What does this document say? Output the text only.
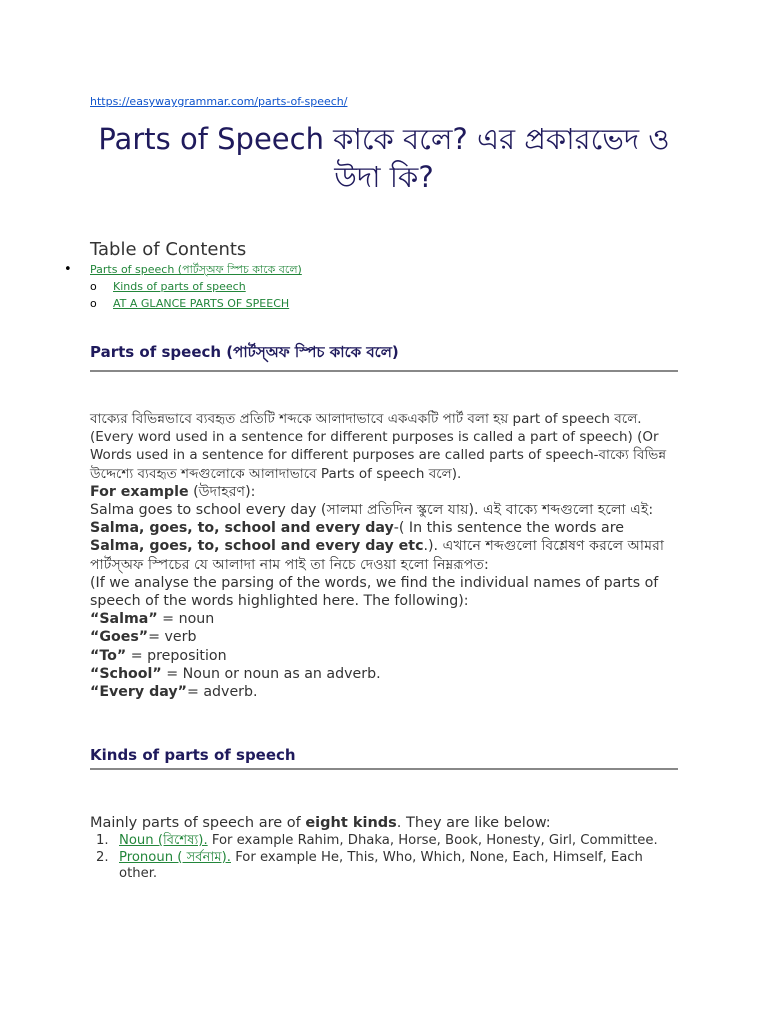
https://easywaygrammar.com/parts-of-speech/
Parts of Speech কাকে বলে? এর প্রকারভেদ ও উদা কি?
Table of Contents
• Parts of speech (পার্টস্‌অফ স্পিচ কাকে বলে)
o Kinds of parts of speech
o AT A GLANCE PARTS OF SPEECH
Parts of speech (পার্টস্‌অফ স্পিচ কাকে বলে)

বাক্যের বিভিন্নভাবে ব্যবহৃত প্রতিটি শব্দকে আলাদাভাবে একএকটি পার্ট বলা হয় part of speech বলে.
(Every word used in a sentence for different purposes is called a part of speech) (Or Words used in a sentence for different purposes are called parts of speech-বাক্যে বিভিন্ন উদ্দেশ্যে ব্যবহৃত শব্দগুলোকে আলাদাভাবে Parts of speech বলে).

For example (উদাহরণ):
Salma goes to school every day (সালমা প্রতিদিন স্কুলে যায়). এই বাক্যে শব্দগুলো হলো এই: Salma, goes, to, school and every day-( In this sentence the words are Salma, goes, to, school and every day etc.). এখানে শব্দগুলো বিশ্লেষণ করলে আমরা পার্টস্‌অফ স্পিচের যে আলাদা নাম পাই তা নিচে দেওয়া হলো নিম্নরূপত:
(If we analyse the parsing of the words, we find the individual names of parts of speech of the words highlighted here. The following):
“Salma” = noun
“Goes”= verb
“To” = preposition
“School” = Noun or noun as an adverb.
“Every day”= adverb.

Kinds of parts of speech

Mainly parts of speech are of eight kinds. They are like below:

1. Noun (বিশেষ্য). For example Rahim, Dhaka, Horse, Book, Honesty, Girl, Committee.
2. Pronoun ( সর্বনাম). For example He, This, Who, Which, None, Each, Himself, Each other.
